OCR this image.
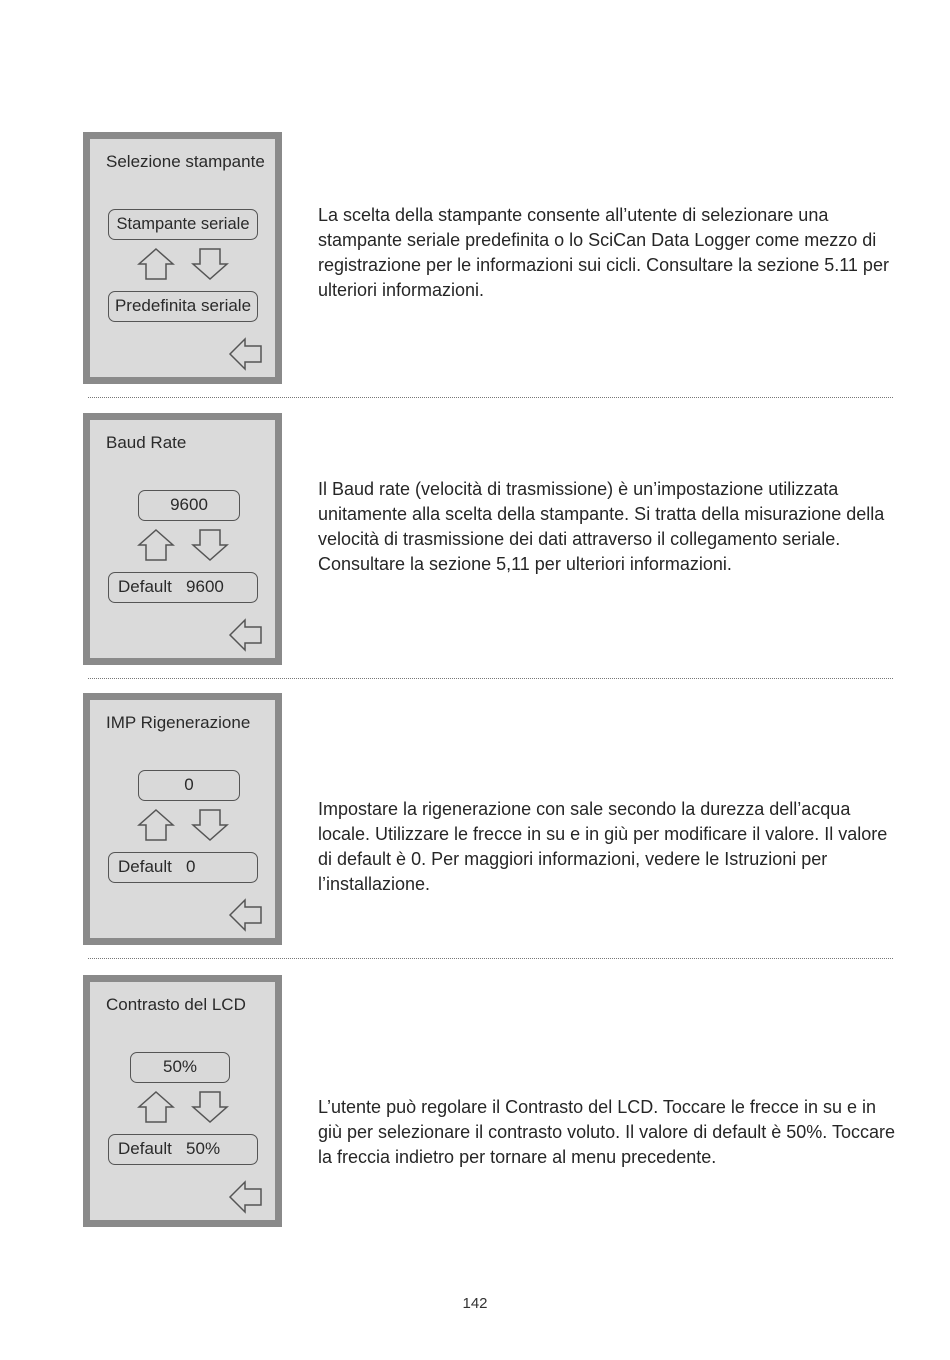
Selezione stampante
Stampante seriale
Predefinita seriale

La scelta della stampante consente all’utente di selezionare una stampante seriale predefinita o lo SciCan Data Logger come mezzo di registrazione per le informazioni sui cicli. Consultare la sezione 5.11 per ulteriori informazioni.

Baud Rate
9600
Default 9600

Il Baud rate (velocità di trasmissione) è un’impostazione utilizzata unitamente alla scelta della stampante. Si tratta della misurazione della velocità di trasmissione dei dati attraverso il collegamento seriale. Consultare la sezione 5,11 per ulteriori informazioni.

IMP Rigenerazione
0
Default 0

Impostare la rigenerazione con sale secondo la durezza dell’acqua locale. Utilizzare le frecce in su e in giù per modificare il valore. Il valore di default è 0. Per maggiori informazioni, vedere le Istruzioni per l’installazione.

Contrasto del LCD
50%
Default 50%

L’utente può regolare il Contrasto del LCD. Toccare le frecce in su e in giù per selezionare il contrasto voluto. Il valore di default è 50%. Toccare la freccia indietro per tornare al menu precedente.

142
